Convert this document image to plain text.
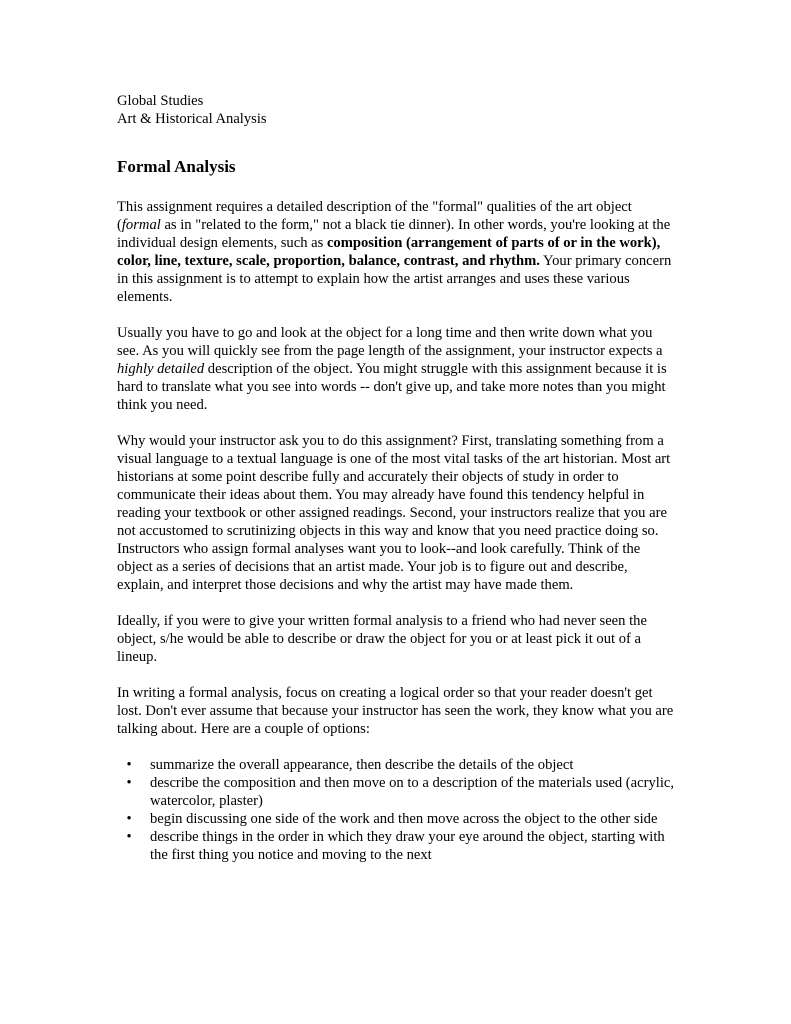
Global Studies
Art & Historical Analysis
Formal Analysis

This assignment requires a detailed description of the "formal" qualities of the art object (formal as in "related to the form," not a black tie dinner). In other words, you're looking at the individual design elements, such as composition (arrangement of parts of or in the work), color, line, texture, scale, proportion, balance, contrast, and rhythm. Your primary concern in this assignment is to attempt to explain how the artist arranges and uses these various elements.

Usually you have to go and look at the object for a long time and then write down what you see. As you will quickly see from the page length of the assignment, your instructor expects a highly detailed description of the object. You might struggle with this assignment because it is hard to translate what you see into words -- don't give up, and take more notes than you might think you need.

Why would your instructor ask you to do this assignment? First, translating something from a visual language to a textual language is one of the most vital tasks of the art historian. Most art historians at some point describe fully and accurately their objects of study in order to communicate their ideas about them. You may already have found this tendency helpful in reading your textbook or other assigned readings. Second, your instructors realize that you are not accustomed to scrutinizing objects in this way and know that you need practice doing so. Instructors who assign formal analyses want you to look--and look carefully. Think of the object as a series of decisions that an artist made. Your job is to figure out and describe, explain, and interpret those decisions and why the artist may have made them.

Ideally, if you were to give your written formal analysis to a friend who had never seen the object, s/he would be able to describe or draw the object for you or at least pick it out of a lineup.

In writing a formal analysis, focus on creating a logical order so that your reader doesn't get lost. Don't ever assume that because your instructor has seen the work, they know what you are talking about. Here are a couple of options:

• summarize the overall appearance, then describe the details of the object
• describe the composition and then move on to a description of the materials used (acrylic, watercolor, plaster)
• begin discussing one side of the work and then move across the object to the other side
• describe things in the order in which they draw your eye around the object, starting with the first thing you notice and moving to the next
